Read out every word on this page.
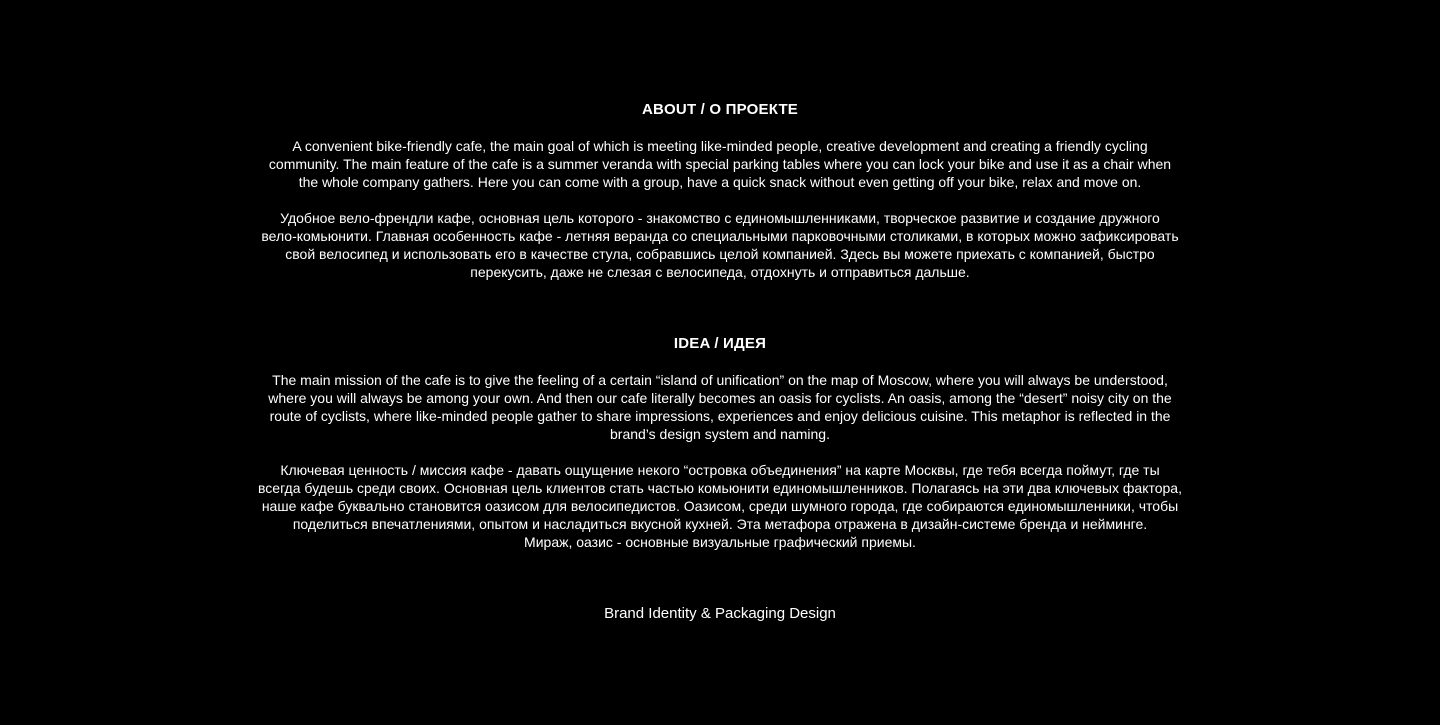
ABOUT / О ПРОЕКТЕ

A convenient bike-friendly cafe, the main goal of which is meeting like-minded people, creative development and creating a friendly cycling
community. The main feature of the cafe is a summer veranda with special parking tables where you can lock your bike and use it as a chair when
the whole company gathers. Here you can come with a group, have a quick snack without even getting off your bike, relax and move on.

Удобное вело-френдли кафе, основная цель которого - знакомство с единомышленниками, творческое развитие и создание дружного
вело-комьюнити. Главная особенность кафе - летняя веранда со специальными парковочными столиками, в которых можно зафиксировать
свой велосипед и использовать его в качестве стула, собравшись целой компанией. Здесь вы можете приехать с компанией, быстро
перекусить, даже не слезая с велосипеда, отдохнуть и отправиться дальше.

IDEA / ИДЕЯ

The main mission of the cafe is to give the feeling of a certain “island of unification” on the map of Moscow, where you will always be understood,
where you will always be among your own. And then our cafe literally becomes an oasis for cyclists. An oasis, among the “desert” noisy city on the
route of cyclists, where like-minded people gather to share impressions, experiences and enjoy delicious cuisine. This metaphor is reflected in the
brand’s design system and naming.

Ключевая ценность / миссия кафе - давать ощущение некого “островка объединения” на карте Москвы, где тебя всегда поймут, где ты
всегда будешь среди своих. Основная цель клиентов стать частью комьюнити единомышленников. Полагаясь на эти два ключевых фактора,
наше кафе буквально становится оазисом для велосипедистов. Оазисом, среди шумного города, где собираются единомышленники, чтобы
поделиться впечатлениями, опытом и насладиться вкусной кухней. Эта метафора отражена в дизайн-системе бренда и нейминге.
Мираж, оазис - основные визуальные графический приемы.

Brand Identity & Packaging Design
